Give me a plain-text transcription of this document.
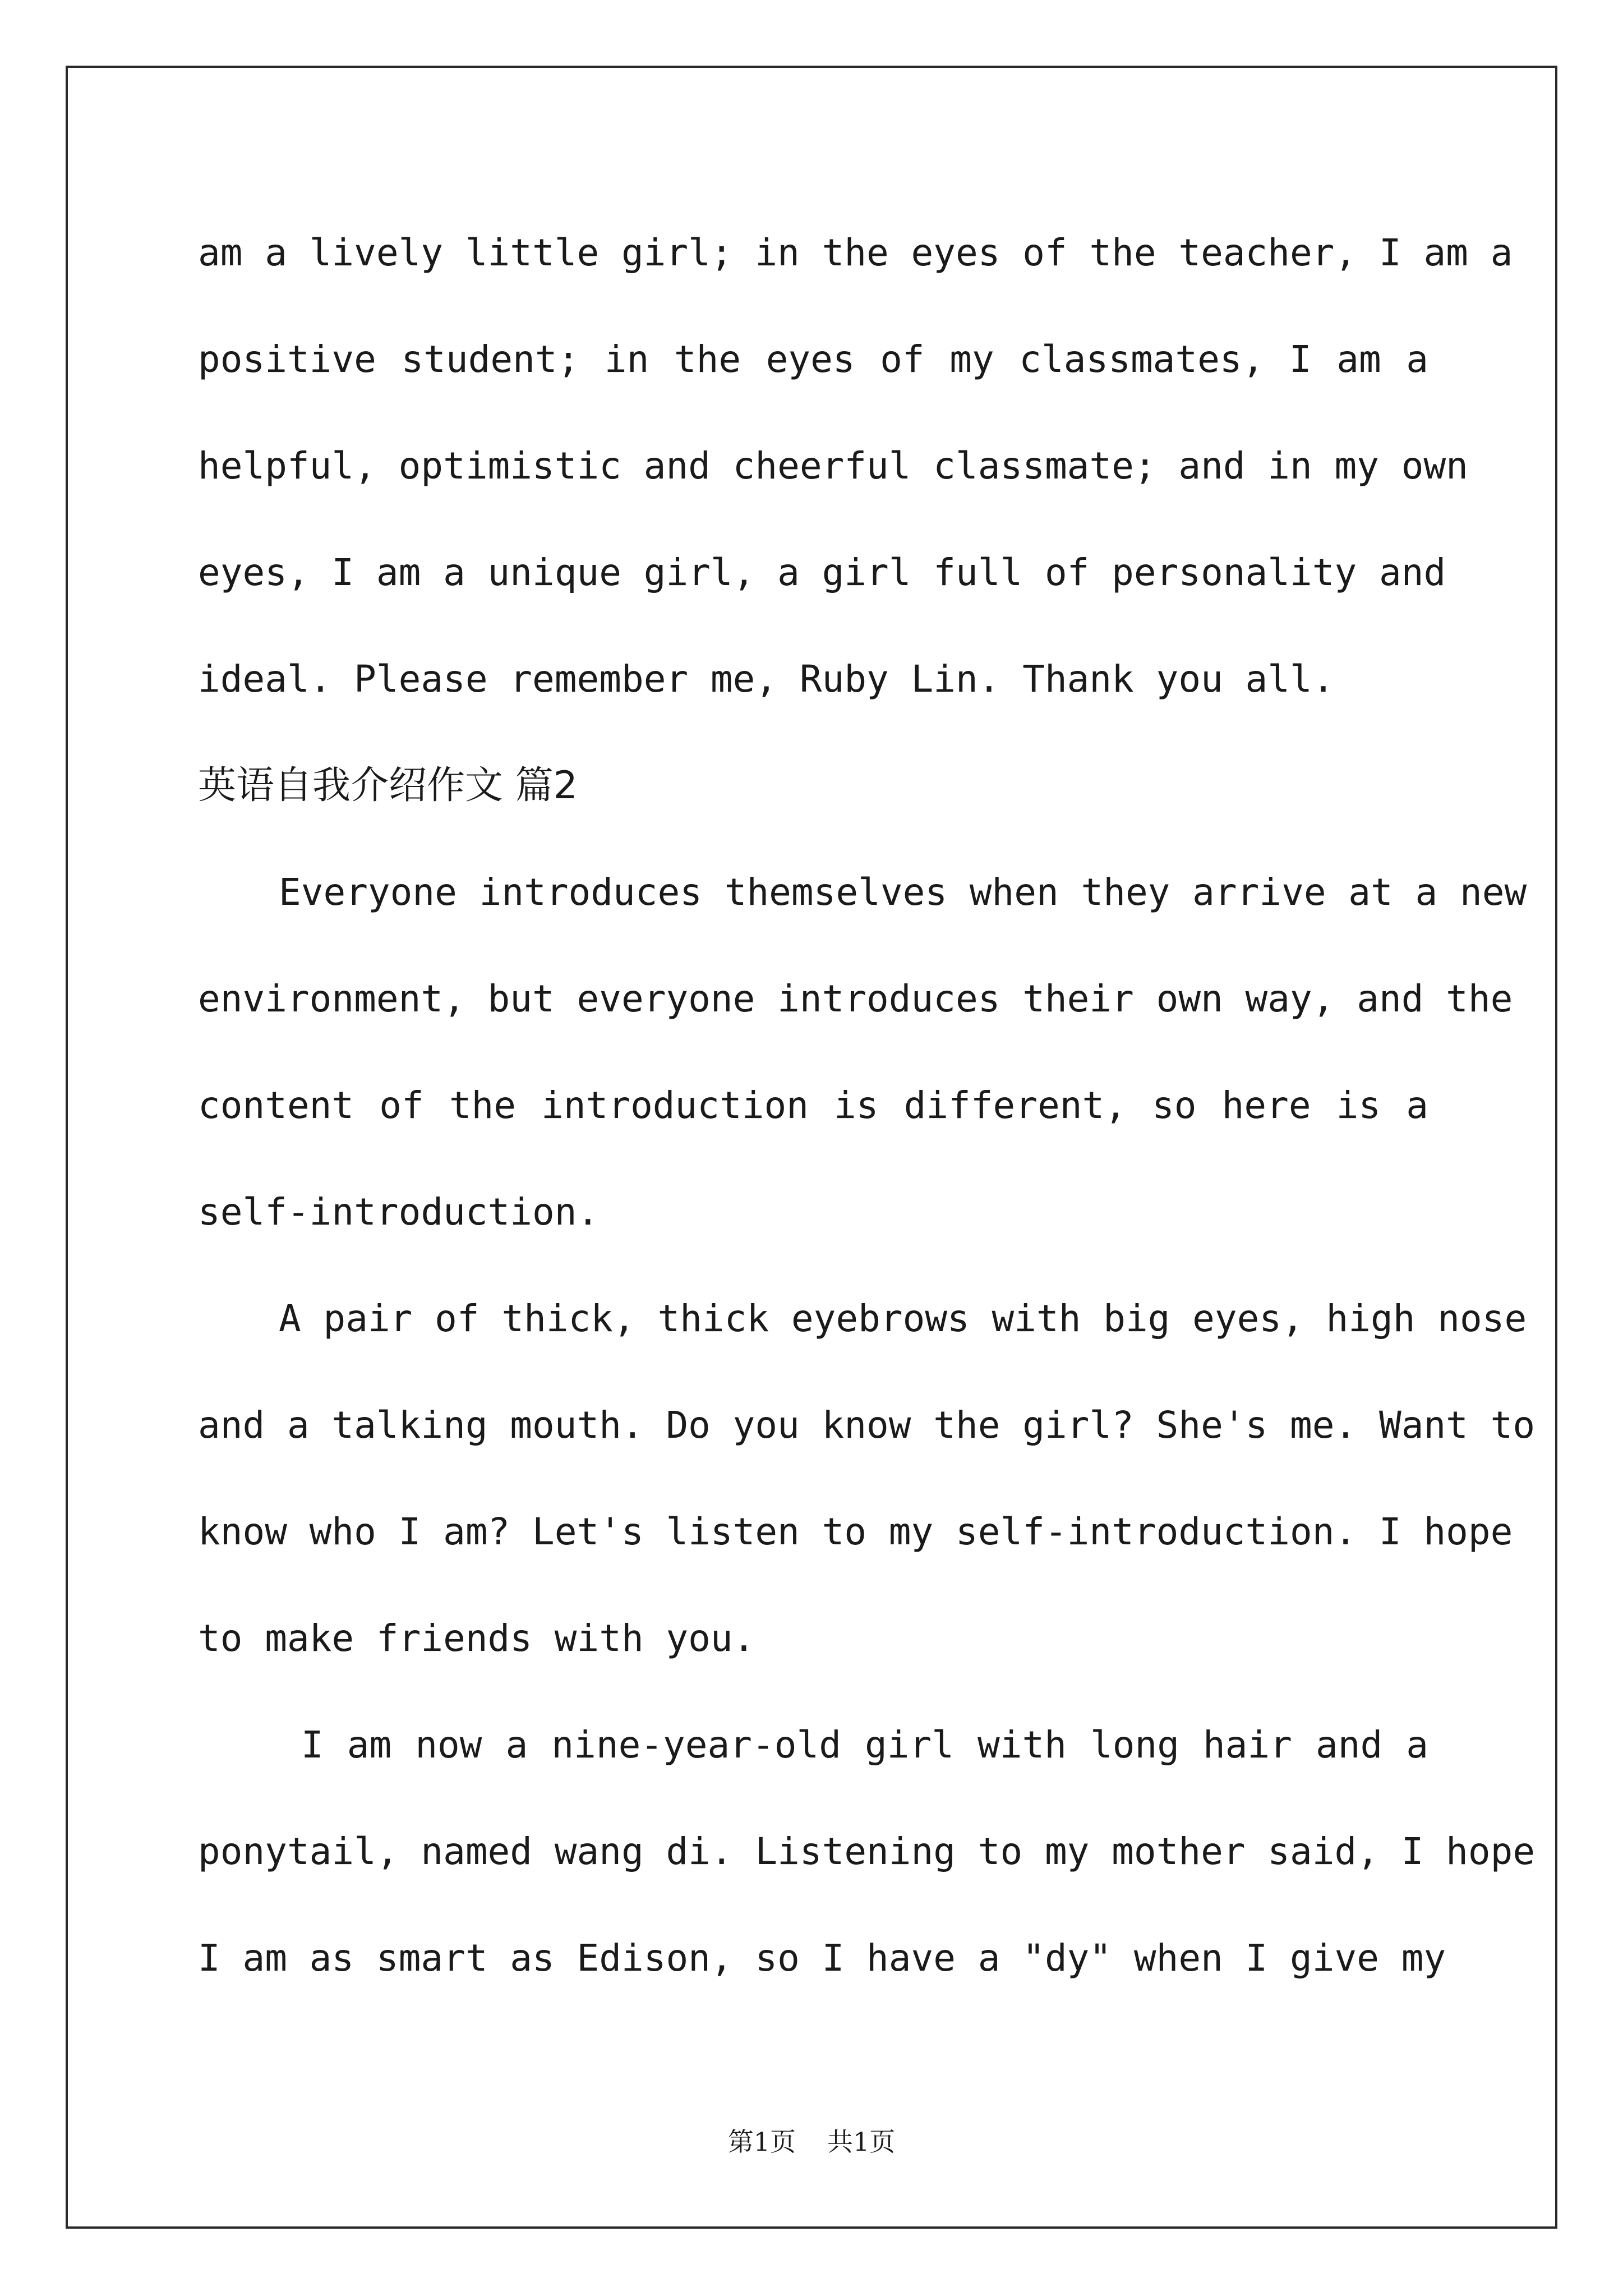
am a lively little girl; in the eyes of the teacher, I am a
positive student; in the eyes of my classmates, I am a
helpful, optimistic and cheerful classmate; and in my own
eyes, I am a unique girl, a girl full of personality and
ideal. Please remember me, Ruby Lin. Thank you all.
英语自我介绍作文 篇2
Everyone introduces themselves when they arrive at a new
environment, but everyone introduces their own way, and the
content of the introduction is different, so here is a
self-introduction.
A pair of thick, thick eyebrows with big eyes, high nose
and a talking mouth. Do you know the girl? She's me. Want to
know who I am? Let's listen to my self-introduction. I hope
to make friends with you.
I am now a nine-year-old girl with long hair and a
ponytail, named wang di. Listening to my mother said, I hope
I am as smart as Edison, so I have a "dy" when I give my
第1页 共1页
